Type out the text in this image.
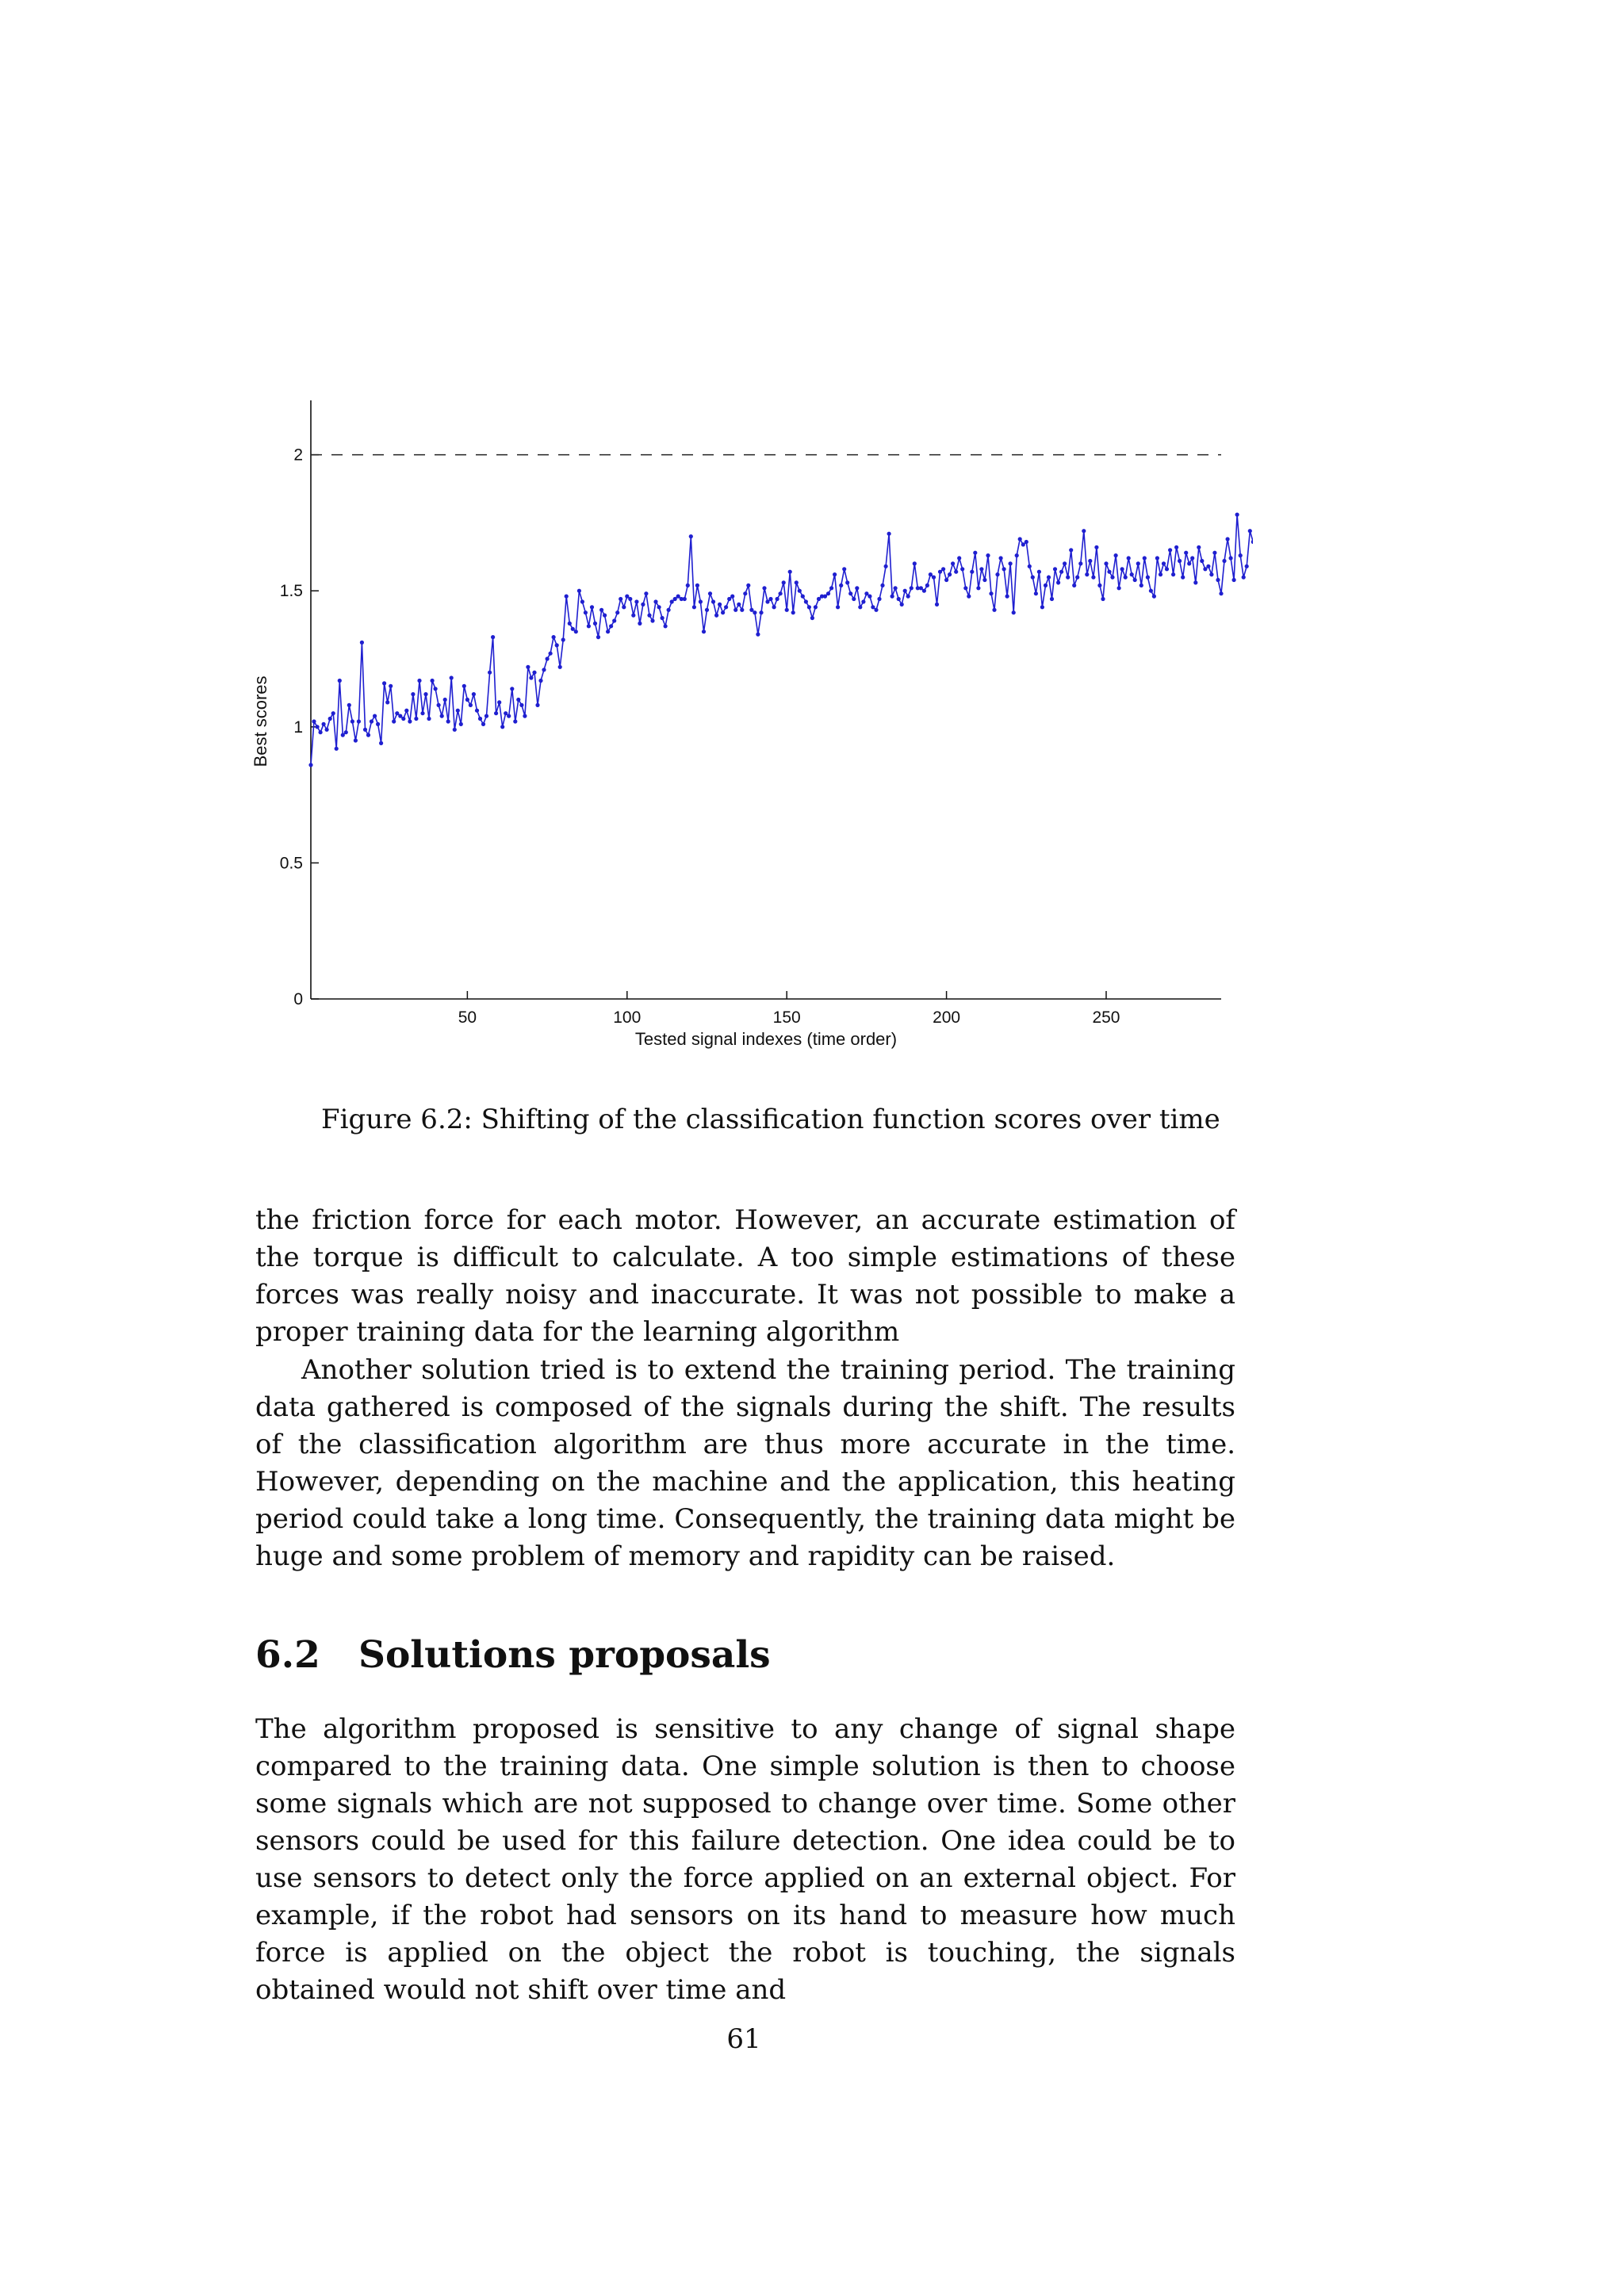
0
0.5
1
1.5
2
50	100	150	200	250
Tested signal indexes (time order)
Best scores
Figure 6.2: Shifting of the classification function scores over time

the friction force for each motor. However, an accurate estimation of the torque is difficult to calculate. A too simple estimations of these forces was really noisy and inaccurate. It was not possible to make a proper training data for the learning algorithm

Another solution tried is to extend the training period. The training data gathered is composed of the signals during the shift. The results of the classification algorithm are thus more accurate in the time. However, depending on the machine and the application, this heating period could take a long time. Consequently, the training data might be huge and some problem of memory and rapidity can be raised.

6.2 Solutions proposals

The algorithm proposed is sensitive to any change of signal shape compared to the training data. One simple solution is then to choose some signals which are not supposed to change over time. Some other sensors could be used for this failure detection. One idea could be to use sensors to detect only the force applied on an external object. For example, if the robot had sensors on its hand to measure how much force is applied on the object the robot is touching, the signals obtained would not shift over time and

61
